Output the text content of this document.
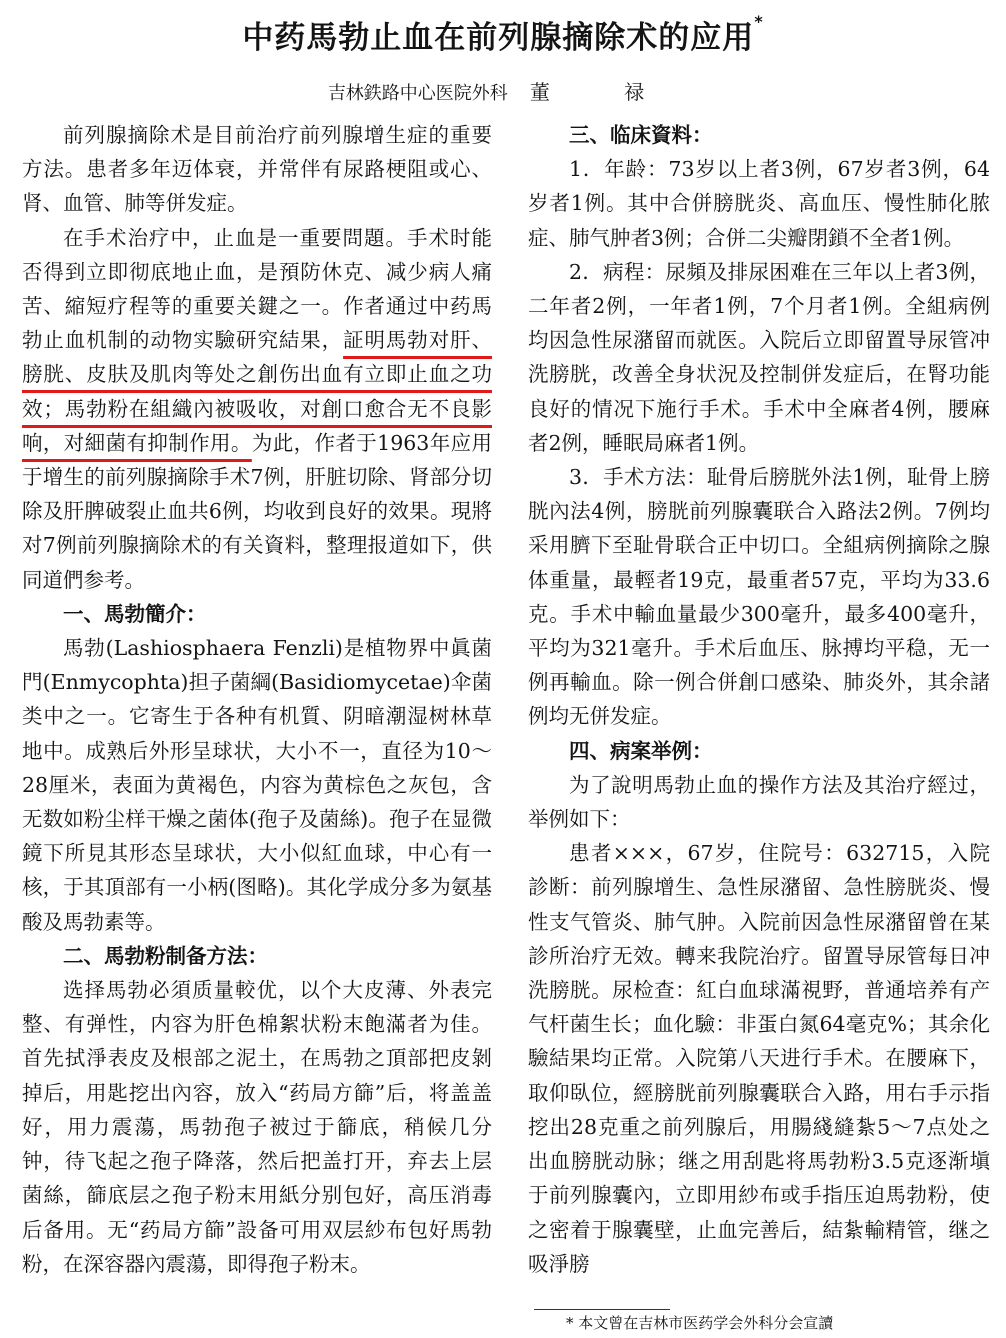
中药馬勃止血在前列腺摘除术的应用*

吉林鉄路中心医院外科 董 禄

前列腺摘除术是目前治疗前列腺增生症的重要方法。患者多年迈体衰，并常伴有尿路梗阻或心、肾、血管、肺等併发症。

在手术治疗中，止血是一重要問題。手术时能否得到立即彻底地止血，是預防休克、减少病人痛苦、縮短疗程等的重要关鍵之一。作者通过中药馬勃止血机制的动物实驗研究結果，証明馬勃对肝、膀胱、皮肤及肌肉等处之創伤出血有立即止血之功效；馬勃粉在組織內被吸收，对創口愈合无不良影响，对細菌有抑制作用。为此，作者于1963年应用于增生的前列腺摘除手术7例，肝脏切除、肾部分切除及肝脾破裂止血共6例，均收到良好的效果。現將对7例前列腺摘除术的有关資料，整理报道如下，供同道們参考。

一、馬勃簡介：

馬勃(Lashiosphaera Fenzli)是植物界中眞菌門(Enmycophta)担子菌綱(Basidiomycetae)伞菌类中之一。它寄生于各种有机質、阴暗潮湿树林草地中。成熟后外形呈球状，大小不一，直径为10～28厘米，表面为黄褐色，内容为黄棕色之灰包，含无数如粉尘样干燥之菌体(孢子及菌絲)。孢子在显微鏡下所見其形态呈球状，大小似紅血球，中心有一核，于其頂部有一小柄(图略)。其化学成分多为氨基酸及馬勃素等。

二、馬勃粉制备方法：

选择馬勃必須质量較优，以个大皮薄、外表完整、有弹性，内容为肝色棉絮状粉末飽滿者为佳。首先拭淨表皮及根部之泥土，在馬勃之頂部把皮剝掉后，用匙挖出內容，放入“药局方篩”后，将盖盖好，用力震蕩，馬勃孢子被过于篩底，稍候几分钟，待飞起之孢子降落，然后把盖打开，弃去上层菌絲，篩底层之孢子粉末用紙分别包好，高压消毒后备用。无“药局方篩”設备可用双层紗布包好馬勃粉，在深容器內震蕩，即得孢子粉末。

三、临床資料：

1．年龄：73岁以上者3例，67岁者3例，64岁者1例。其中合併膀胱炎、高血压、慢性肺化脓症、肺气肿者3例；合併二尖瓣閉鎖不全者1例。

2．病程：尿頻及排尿困难在三年以上者3例，二年者2例，一年者1例，7个月者1例。全組病例均因急性尿潴留而就医。入院后立即留置导尿管冲洗膀胱，改善全身状況及控制併发症后，在腎功能良好的情况下施行手术。手术中全麻者4例，腰麻者2例，睡眠局麻者1例。

3．手术方法：耻骨后膀胱外法1例，耻骨上膀胱內法4例，膀胱前列腺囊联合入路法2例。7例均采用臍下至耻骨联合正中切口。全組病例摘除之腺体重量，最輕者19克，最重者57克，平均为33.6克。手术中輸血量最少300毫升，最多400毫升，平均为321毫升。手术后血压、脉搏均平稳，无一例再輸血。除一例合併創口感染、肺炎外，其余諸例均无併发症。

四、病案举例：

为了說明馬勃止血的操作方法及其治疗經过，举例如下：

患者×××，67岁，住院号：632715，入院診断：前列腺增生、急性尿潴留、急性膀胱炎、慢性支气管炎、肺气肿。入院前因急性尿潴留曾在某診所治疗无效。轉来我院治疗。留置导尿管每日冲洗膀胱。尿检查：紅白血球滿視野，普通培养有产气杆菌生长；血化驗：非蛋白氮64毫克%；其余化驗結果均正常。入院第八天进行手术。在腰麻下，取仰臥位，經膀胱前列腺囊联合入路，用右手示指挖出28克重之前列腺后，用腸綫縫紮5～7点处之出血膀胱动脉；继之用刮匙将馬勃粉3.5克逐渐塡于前列腺囊內，立即用紗布或手指压迫馬勃粉，使之密着于腺囊壁，止血完善后，結紮輸精管，继之吸淨膀

* 本文曾在吉林市医药学会外科分会宣讀
